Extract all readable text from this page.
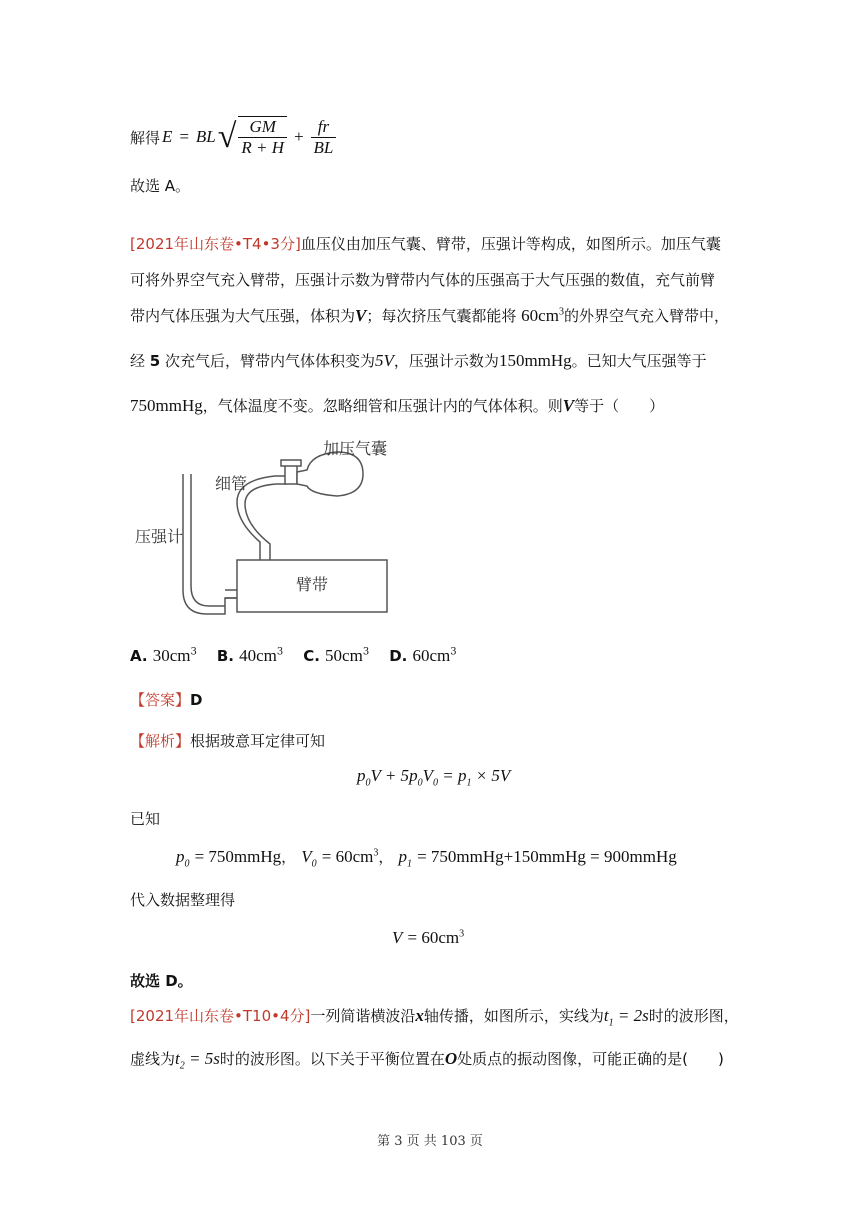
解得 E = BL √ $\frac{GM}{R + H} + \frac{fr}{BL}$
故选 A。
[2021年山东卷•T4•3分]血压仪由加压气囊、臂带，压强计等构成，如图所示。加压气囊
可将外界空气充入臂带，压强计示数为臂带内气体的压强高于大气压强的数值，充气前臂
带内气体压强为大气压强，体积为V；每次挤压气囊都能将 $60cm^3$的外界空气充入臂带中，
经 5 次充气后，臂带内气体体积变为5V，压强计示数为150mmHg。已知大气压强等于
750mmHg，气体温度不变。忽略细管和压强计内的气体体积。则V等于（　　）
加压气囊
细管
压强计
臂带
A. $30cm^3$ B. $40cm^3$ C. $50cm^3$ D. $60cm^3$
【答案】D
【解析】根据玻意耳定律可知
$p_0V + 5p_0V_0 = p_1 \times 5V$
已知
$p_0$ = 750mmHg， $V_0 = 60cm^3$， $p_1$ = 750mmHg+150mmHg = 900mmHg
代入数据整理得
$V = 60cm^3$
故选 D。
[2021年山东卷•T10•4分]一列简谐横波沿x轴传播，如图所示，实线为$t_1 = 2s$时的波形图，
虚线为$t_2 = 5s$时的波形图。以下关于平衡位置在O处质点的振动图像，可能正确的是(　　)
第 3 页 共 103 页
